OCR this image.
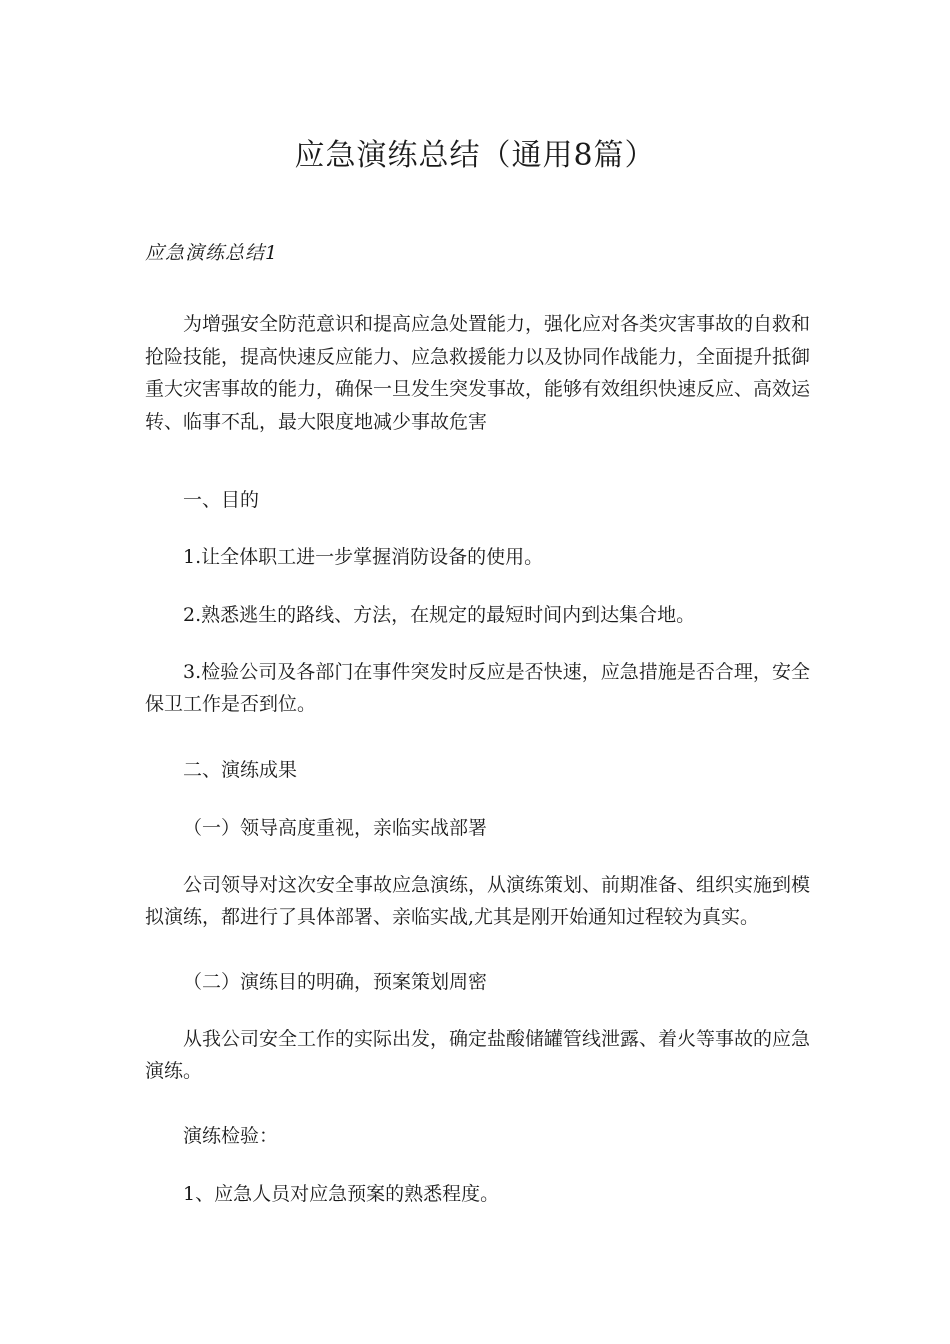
应急演练总结（通用8篇）
应急演练总结1

为增强安全防范意识和提高应急处置能力，强化应对各类灾害事故的自救和抢险技能，提高快速反应能力、应急救援能力以及协同作战能力，全面提升抵御重大灾害事故的能力，确保一旦发生突发事故，能够有效组织快速反应、高效运转、临事不乱，最大限度地减少事故危害

一、目的

1.让全体职工进一步掌握消防设备的使用。

2.熟悉逃生的路线、方法，在规定的最短时间内到达集合地。

3.检验公司及各部门在事件突发时反应是否快速，应急措施是否合理，安全保卫工作是否到位。

二、演练成果

（一）领导高度重视，亲临实战部署

公司领导对这次安全事故应急演练，从演练策划、前期准备、组织实施到模拟演练，都进行了具体部署、亲临实战,尤其是刚开始通知过程较为真实。

（二）演练目的明确，预案策划周密

从我公司安全工作的实际出发，确定盐酸储罐管线泄露、着火等事故的应急演练。

演练检验：

1、应急人员对应急预案的熟悉程度。
